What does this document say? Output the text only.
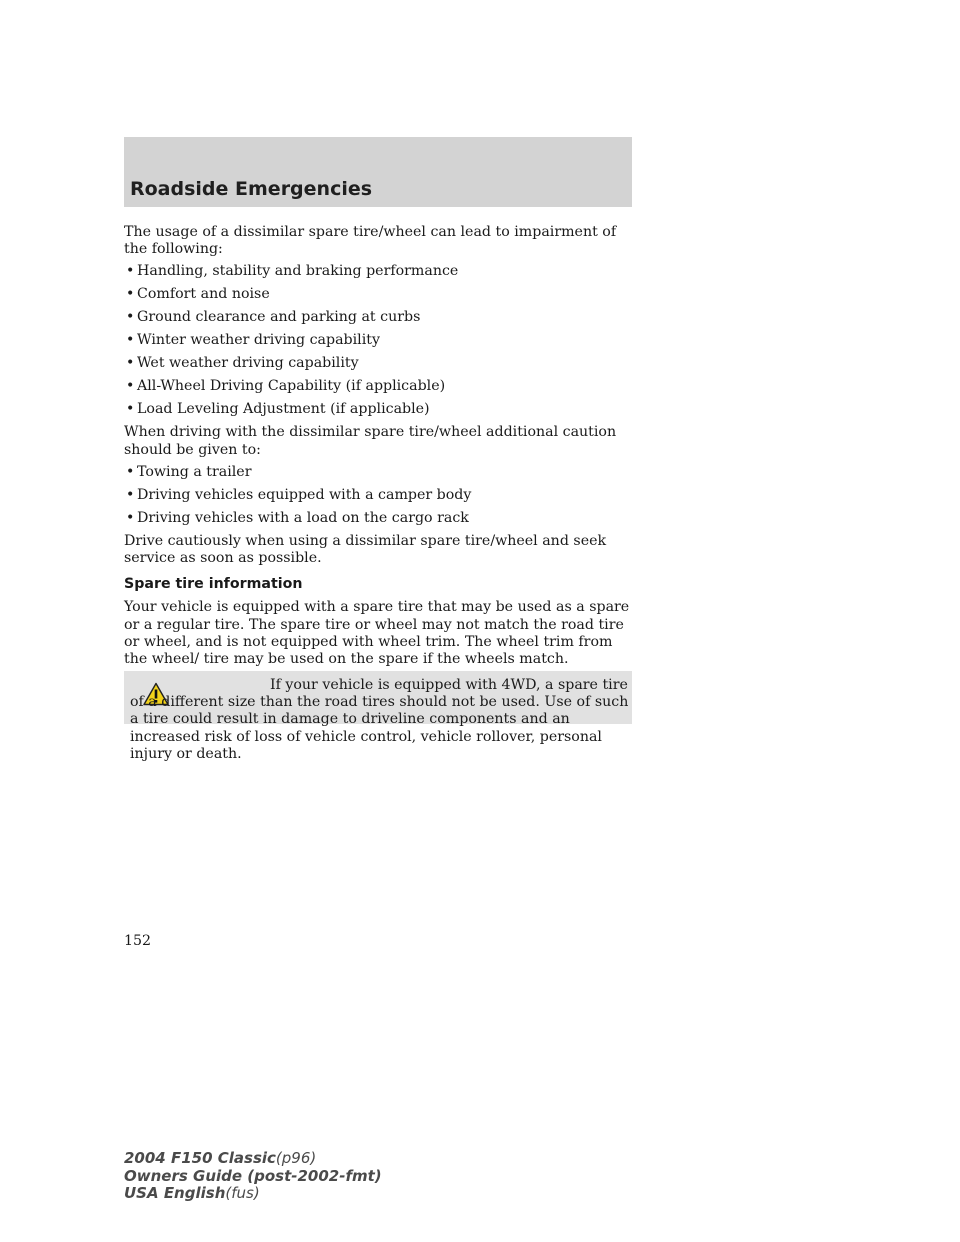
Roadside Emergencies

The usage of a dissimilar spare tire/wheel can lead to impairment of the following:

• Handling, stability and braking performance
• Comfort and noise
• Ground clearance and parking at curbs
• Winter weather driving capability
• Wet weather driving capability
• All-Wheel Driving Capability (if applicable)
• Load Leveling Adjustment (if applicable)

When driving with the dissimilar spare tire/wheel additional caution should be given to:

• Towing a trailer
• Driving vehicles equipped with a camper body
• Driving vehicles with a load on the cargo rack

Drive cautiously when using a dissimilar spare tire/wheel and seek service as soon as possible.

Spare tire information

Your vehicle is equipped with a spare tire that may be used as a spare or a regular tire. The spare tire or wheel may not match the road tire or wheel, and is not equipped with wheel trim. The wheel trim from the wheel/ tire may be used on the spare if the wheels match.

If your vehicle is equipped with 4WD, a spare tire of a different size than the road tires should not be used. Use of such a tire could result in damage to driveline components and an increased risk of loss of vehicle control, vehicle rollover, personal injury or death.

152

2004 F150 Classic(p96)
Owners Guide (post-2002-fmt)
USA English(fus)
